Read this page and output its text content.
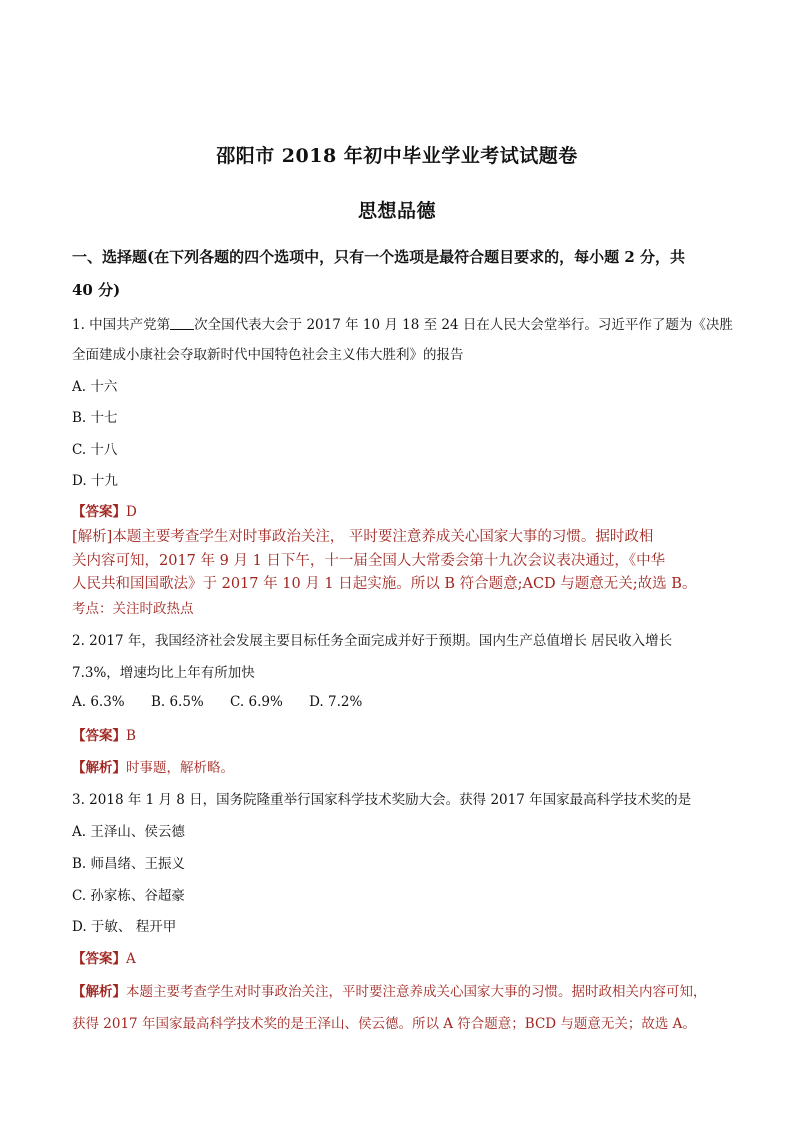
邵阳市 2018 年初中毕业学业考试试题卷
思想品德
一、选择题(在下列各题的四个选项中，只有一个选项是最符合题目要求的，每小题 2 分，共
40 分)
1. 中国共产党第 次全国代表大会于 2017 年 10 月 18 至 24 日在人民大会堂举行。习近平作了题为《决胜
全面建成小康社会夺取新时代中国特色社会主义伟大胜利》的报告
A. 十六
B. 十七
C. 十八
D. 十九
【答案】D
[解析]本题主要考查学生对时事政治关注， 平时要注意养成关心国家大事的习惯。据时政相
关内容可知，2017 年 9 月 1 日下午，十一届全国人大常委会第十九次会议表决通过，《中华
人民共和国国歌法》于 2017 年 10 月 1 日起实施。所以 B 符合题意;ACD 与题意无关;故选 B。
考点：关注时政热点
2. 2017 年，我国经济社会发展主要目标任务全面完成并好于预期。国内生产总值增长 居民收入增长
7.3%，增速均比上年有所加快
A. 6.3% B. 6.5% C. 6.9% D. 7.2%
【答案】B
【解析】时事题，解析略。
3. 2018 年 1 月 8 日，国务院隆重举行国家科学技术奖励大会。获得 2017 年国家最高科学技术奖的是
A. 王泽山、侯云德
B. 师昌绪、王振义
C. 孙家栋、谷超豪
D. 于敏、 程开甲
【答案】A
【解析】本题主要考查学生对时事政治关注，平时要注意养成关心国家大事的习惯。据时政相关内容可知，
获得 2017 年国家最高科学技术奖的是王泽山、侯云德。所以 A 符合题意；BCD 与题意无关；故选 A。
